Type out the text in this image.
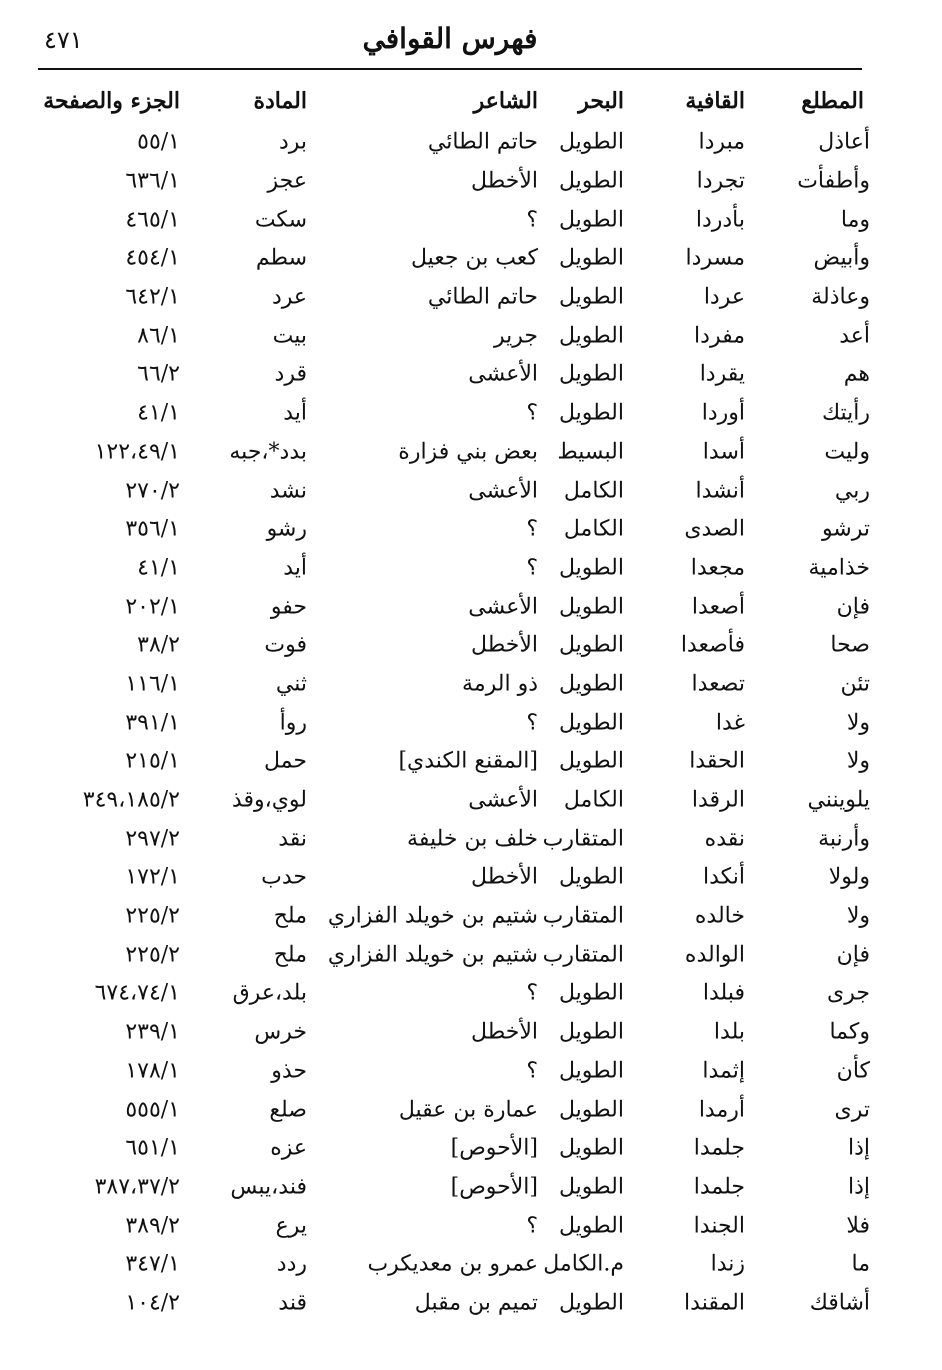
فهرس القوافي
٤٧١
المطلع
القافية
البحر
الشاعر
المادة
الجزء والصفحة
أعاذل
مبردا
الطويل
حاتم الطائي
برد
٥٥/١
وأطفأت
تجردا
الطويل
الأخطل
عجز
٦٣٦/١
وما
بأدردا
الطويل
؟
سكت
٤٦٥/١
وأبيض
مسردا
الطويل
كعب بن جعيل
سطم
٤٥٤/١
وعاذلة
عردا
الطويل
حاتم الطائي
عرد
٦٤٢/١
أعد
مفردا
الطويل
جرير
بيت
٨٦/١
هم
يقردا
الطويل
الأعشى
قرد
٦٦/٢
رأيتك
أوردا
الطويل
؟
أيد
٤١/١
وليت
أسدا
البسيط
بعض بني فزارة
بدد*،جبه
١٢٢،٤٩/١
ربي
أنشدا
الكامل
الأعشى
نشد
٢٧٠/٢
ترشو
الصدى
الكامل
؟
رشو
٣٥٦/١
خذامية
مجعدا
الطويل
؟
أيد
٤١/١
فإن
أصعدا
الطويل
الأعشى
حفو
٢٠٢/١
صحا
فأصعدا
الطويل
الأخطل
فوت
٣٨/٢
تئن
تصعدا
الطويل
ذو الرمة
ثني
١١٦/١
ولا
غدا
الطويل
؟
روأ
٣٩١/١
ولا
الحقدا
الطويل
[المقنع الكندي]
حمل
٢١٥/١
يلوينني
الرقدا
الكامل
الأعشى
لوي،وقذ
٣٤٩،١٨٥/٢
وأرنبة
نقده
المتقارب
خلف بن خليفة
نقد
٢٩٧/٢
ولولا
أنكدا
الطويل
الأخطل
حدب
١٧٢/١
ولا
خالده
المتقارب
شتيم بن خويلد الفزاري
ملح
٢٢٥/٢
فإن
الوالده
المتقارب
شتيم بن خويلد الفزاري
ملح
٢٢٥/٢
جرى
فبلدا
الطويل
؟
بلد،عرق
٦٧٤،٧٤/١
وكما
بلدا
الطويل
الأخطل
خرس
٢٣٩/١
كأن
إثمدا
الطويل
؟
حذو
١٧٨/١
ترى
أرمدا
الطويل
عمارة بن عقيل
صلع
٥٥٥/١
إذا
جلمدا
الطويل
[الأحوص]
عزه
٦٥١/١
إذا
جلمدا
الطويل
[الأحوص]
فند،يبس
٣٨٧،٣٧/٢
فلا
الجندا
الطويل
؟
يرع
٣٨٩/٢
ما
زندا
م.الكامل
عمرو بن معديكرب
ردد
٣٤٧/١
أشاقك
المقندا
الطويل
تميم بن مقبل
قند
١٠٤/٢
